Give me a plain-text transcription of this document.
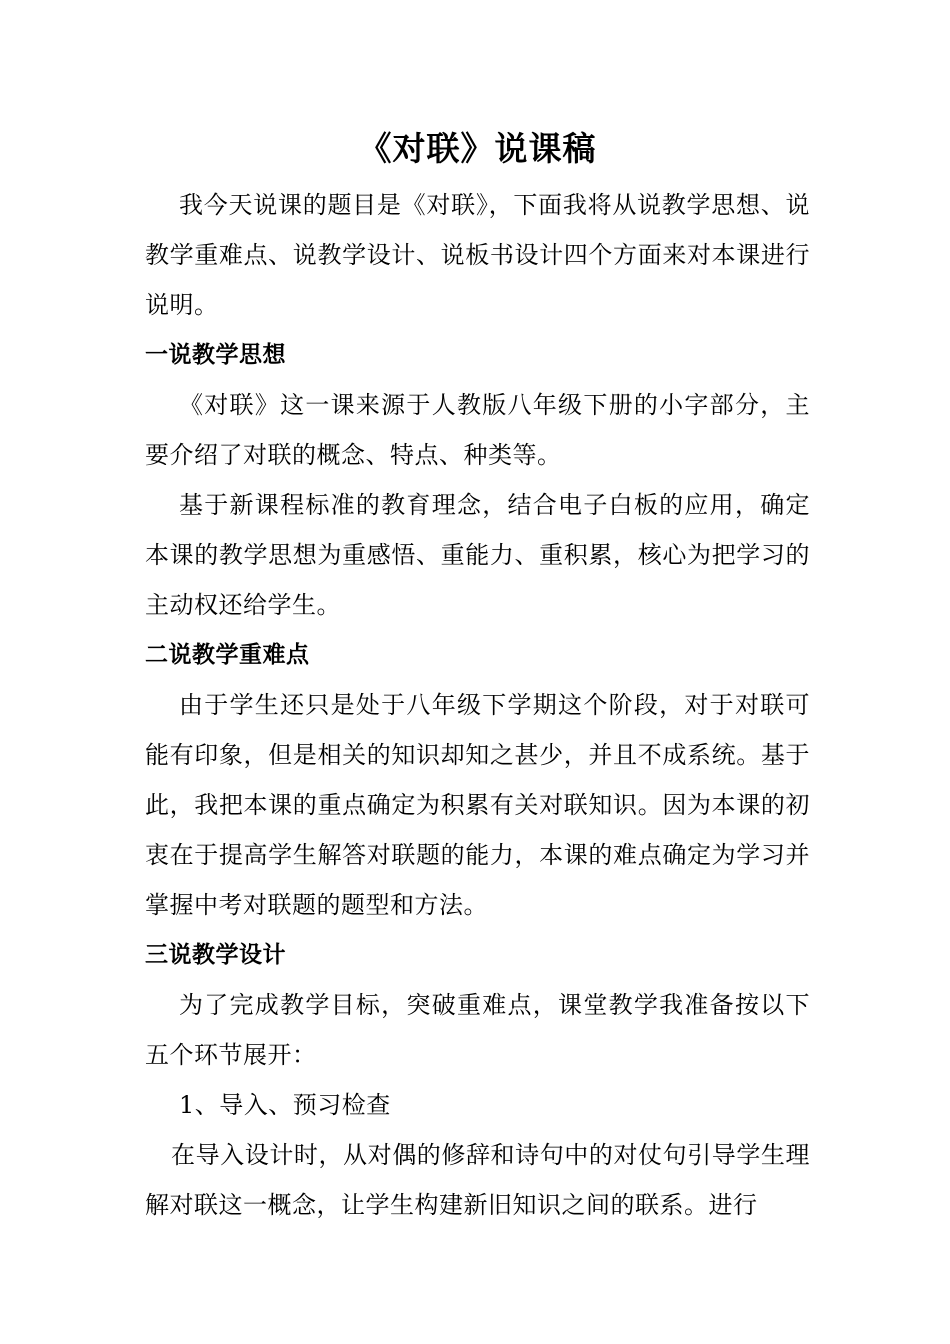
《对联》说课稿

我今天说课的题目是《对联》，下面我将从说教学思想、说教学重难点、说教学设计、说板书设计四个方面来对本课进行说明。

一说教学思想

《对联》这一课来源于人教版八年级下册的小字部分，主要介绍了对联的概念、特点、种类等。

基于新课程标准的教育理念，结合电子白板的应用，确定本课的教学思想为重感悟、重能力、重积累，核心为把学习的主动权还给学生。

二说教学重难点

由于学生还只是处于八年级下学期这个阶段，对于对联可能有印象，但是相关的知识却知之甚少，并且不成系统。基于此，我把本课的重点确定为积累有关对联知识。因为本课的初衷在于提高学生解答对联题的能力，本课的难点确定为学习并掌握中考对联题的题型和方法。

三说教学设计

为了完成教学目标，突破重难点，课堂教学我准备按以下五个环节展开：

1、导入、预习检查

在导入设计时，从对偶的修辞和诗句中的对仗句引导学生理解对联这一概念，让学生构建新旧知识之间的联系。进行
